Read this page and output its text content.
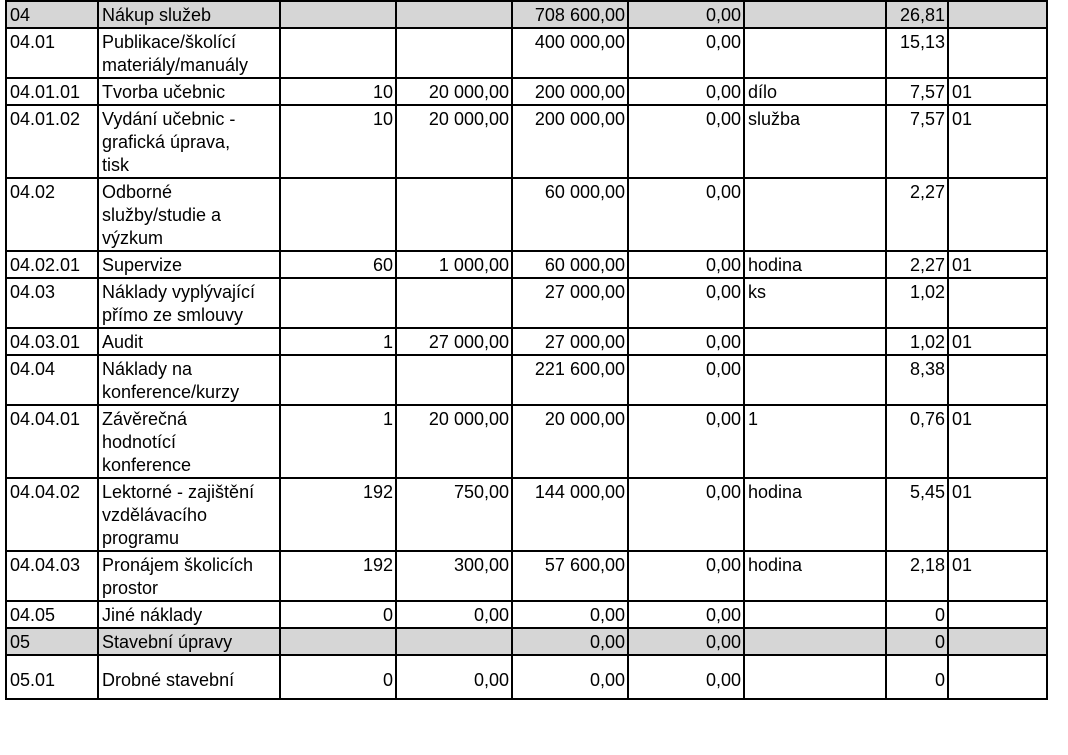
04	Nákup služeb			708 600,00	0,00		26,81	
04.01	Publikace/školící
materiály/manuály			400 000,00	0,00		15,13	
04.01.01	Tvorba učebnic	10	20 000,00	200 000,00	0,00	dílo	7,57	01
04.01.02	Vydání učebnic -
grafická úprava,
tisk	10	20 000,00	200 000,00	0,00	služba	7,57	01
04.02	Odborné
služby/studie a
výzkum			60 000,00	0,00		2,27	
04.02.01	Supervize	60	1 000,00	60 000,00	0,00	hodina	2,27	01
04.03	Náklady vyplývající
přímo ze smlouvy			27 000,00	0,00	ks	1,02	
04.03.01	Audit	1	27 000,00	27 000,00	0,00		1,02	01
04.04	Náklady na
konference/kurzy			221 600,00	0,00		8,38	
04.04.01	Závěrečná
hodnotící
konference	1	20 000,00	20 000,00	0,00	1	0,76	01
04.04.02	Lektorné - zajištění
vzdělávacího
programu	192	750,00	144 000,00	0,00	hodina	5,45	01
04.04.03	Pronájem školicích
prostor	192	300,00	57 600,00	0,00	hodina	2,18	01
04.05	Jiné náklady	0	0,00	0,00	0,00		0	
05	Stavební úpravy			0,00	0,00		0	
05.01	Drobné stavební	0	0,00	0,00	0,00		0	
